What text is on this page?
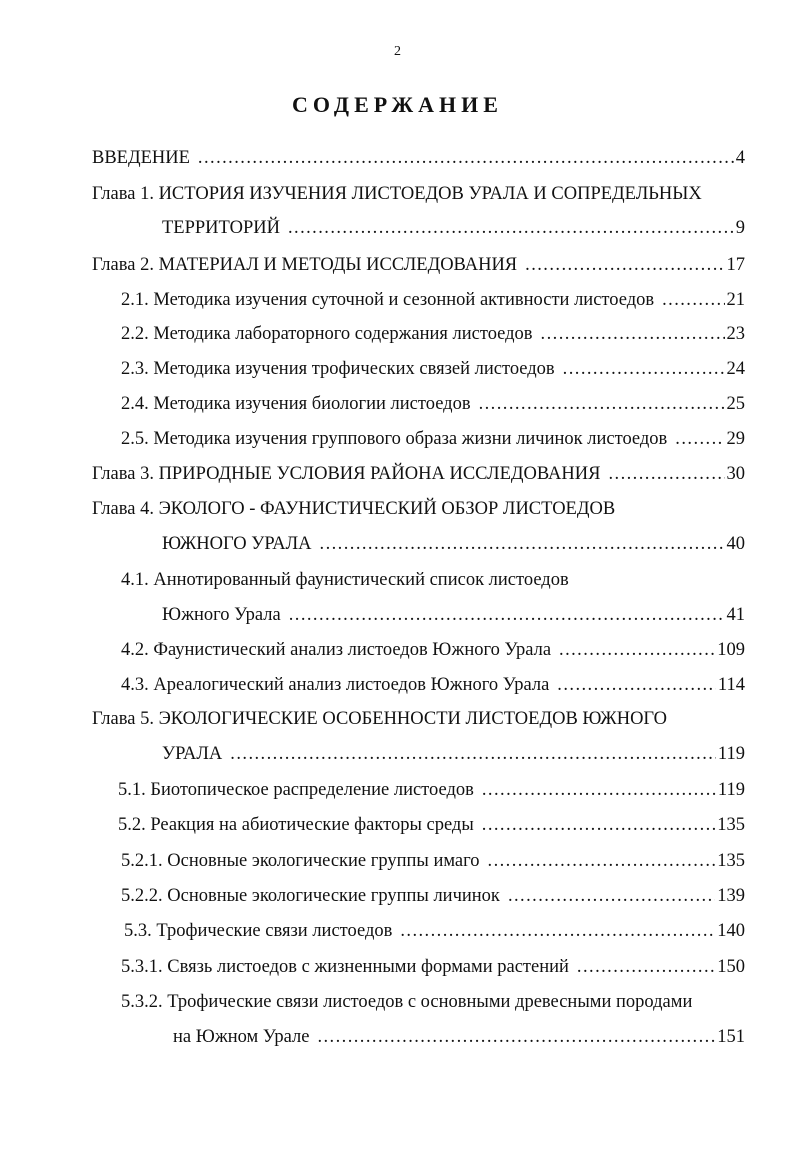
2
СОДЕРЖАНИЕ
ВВЕДЕНИЕ . . .	4
Глава 1. ИСТОРИЯ ИЗУЧЕНИЯ ЛИСТОЕДОВ УРАЛА И СОПРЕДЕЛЬНЫХ
ТЕРРИТОРИЙ . . .	9
Глава 2. МАТЕРИАЛ И МЕТОДЫ ИССЛЕДОВАНИЯ . . .	17
2.1. Методика изучения суточной и сезонной активности листоедов . . .	21
2.2. Методика лабораторного содержания листоедов . . .	23
2.3. Методика изучения трофических связей листоедов . . .	24
2.4. Методика изучения биологии листоедов . . .	25
2.5. Методика изучения группового образа жизни личинок листоедов . . .	29
Глава 3. ПРИРОДНЫЕ УСЛОВИЯ РАЙОНА ИССЛЕДОВАНИЯ . . .	30
Глава 4. ЭКОЛОГО - ФАУНИСТИЧЕСКИЙ ОБЗОР ЛИСТОЕДОВ
ЮЖНОГО УРАЛА . . .	40
4.1. Аннотированный фаунистический список листоедов
Южного Урала . . .	41
4.2. Фаунистический анализ листоедов Южного Урала . . .	109
4.3. Ареалогический анализ листоедов Южного Урала . . .	114
Глава 5. ЭКОЛОГИЧЕСКИЕ ОСОБЕННОСТИ ЛИСТОЕДОВ ЮЖНОГО
УРАЛА . . .	119
5.1. Биотопическое распределение листоедов . . .	119
5.2. Реакция на абиотические факторы среды . . .	135
5.2.1. Основные экологические группы имаго . . .	135
5.2.2. Основные экологические группы личинок . . .	139
5.3. Трофические связи листоедов . . .	140
5.3.1. Связь листоедов с жизненными формами растений . . .	150
5.3.2. Трофические связи листоедов с основными древесными породами
на Южном Урале . . .	151
